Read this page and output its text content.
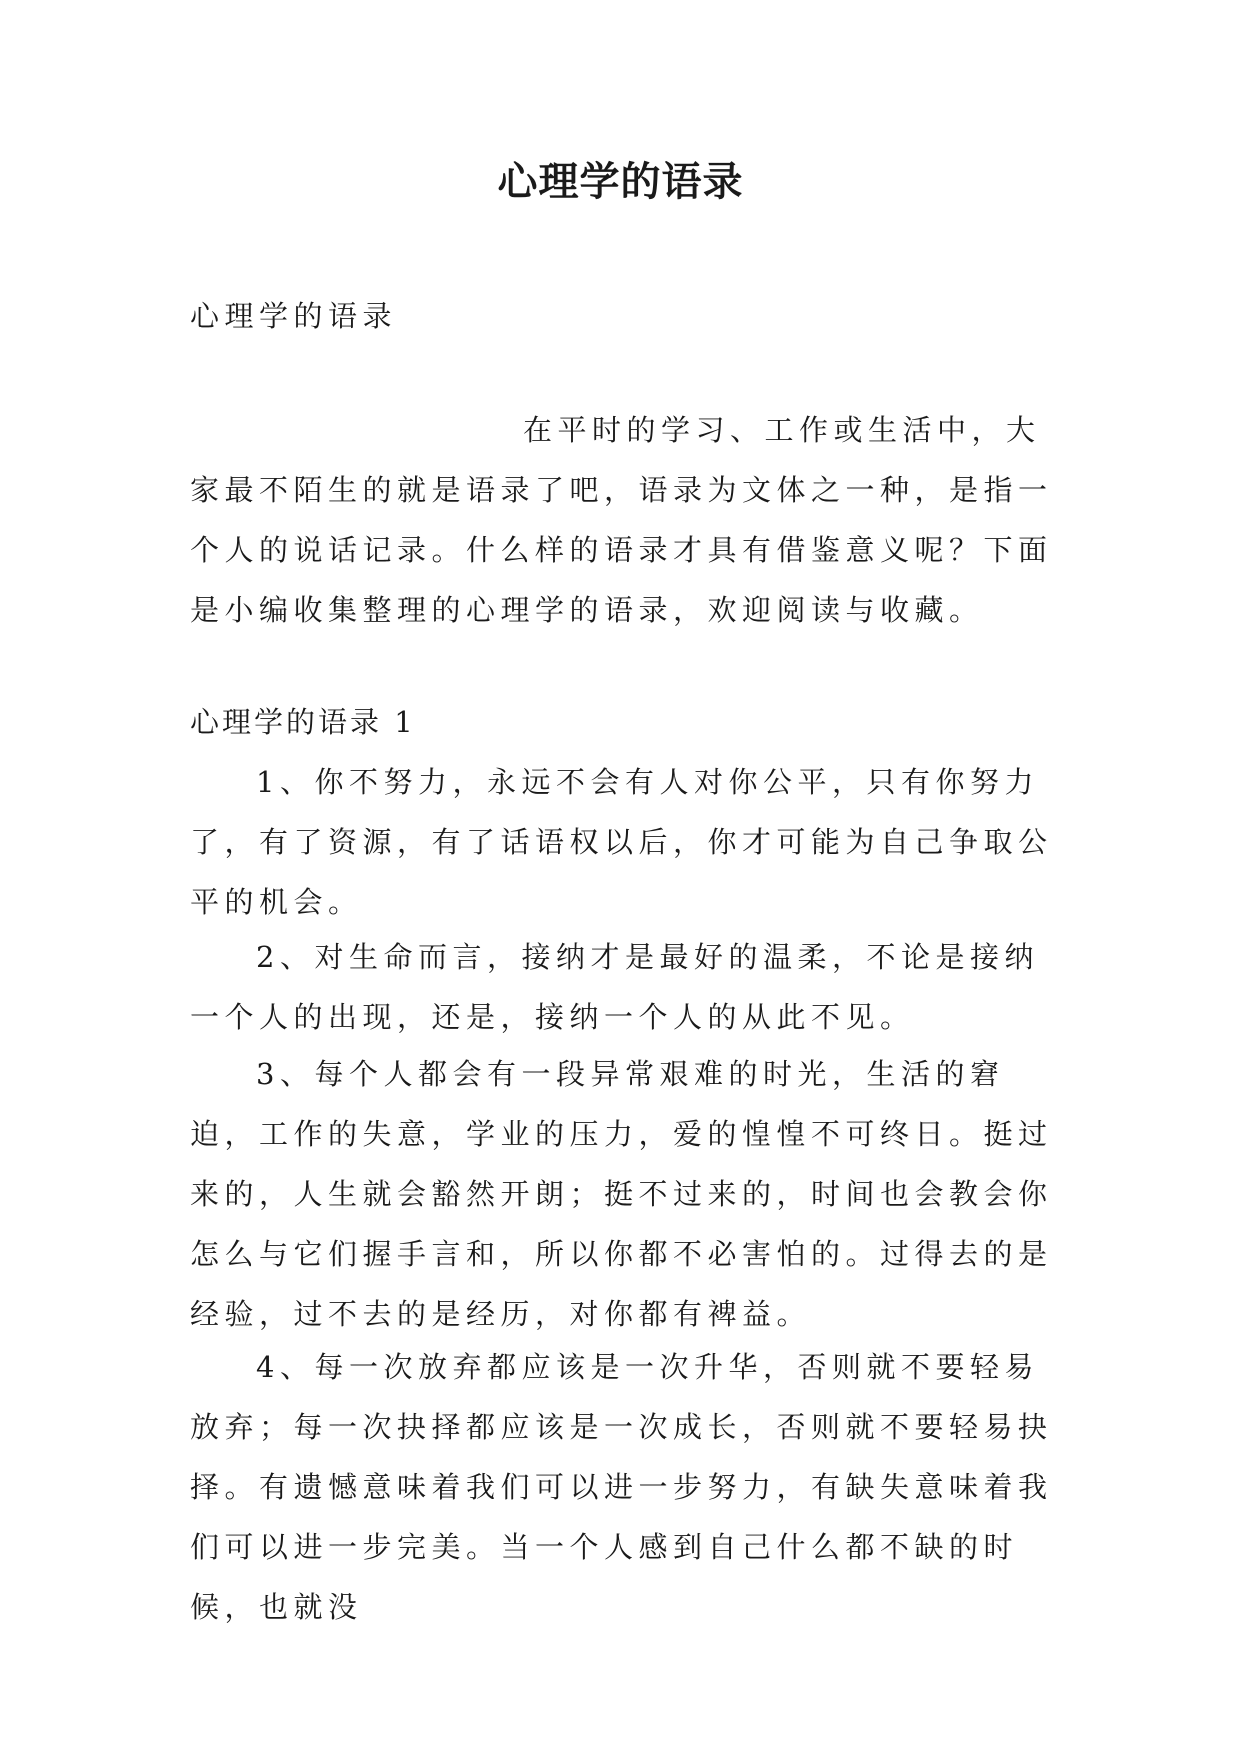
心理学的语录

心理学的语录

在平时的学习、工作或生活中，大家最不陌生的就是语录了吧，语录为文体之一种，是指一个人的说话记录。什么样的语录才具有借鉴意义呢？下面是小编收集整理的心理学的语录，欢迎阅读与收藏。

心理学的语录 1

1、你不努力，永远不会有人对你公平，只有你努力了，有了资源，有了话语权以后，你才可能为自己争取公平的机会。

2、对生命而言，接纳才是最好的温柔，不论是接纳一个人的出现，还是，接纳一个人的从此不见。

3、每个人都会有一段异常艰难的时光，生活的窘迫，工作的失意，学业的压力，爱的惶惶不可终日。挺过来的，人生就会豁然开朗；挺不过来的，时间也会教会你怎么与它们握手言和，所以你都不必害怕的。过得去的是经验，过不去的是经历，对你都有裨益。

4、每一次放弃都应该是一次升华，否则就不要轻易放弃；每一次抉择都应该是一次成长，否则就不要轻易抉择。有遗憾意味着我们可以进一步努力，有缺失意味着我们可以进一步完美。当一个人感到自己什么都不缺的时候，也就没
